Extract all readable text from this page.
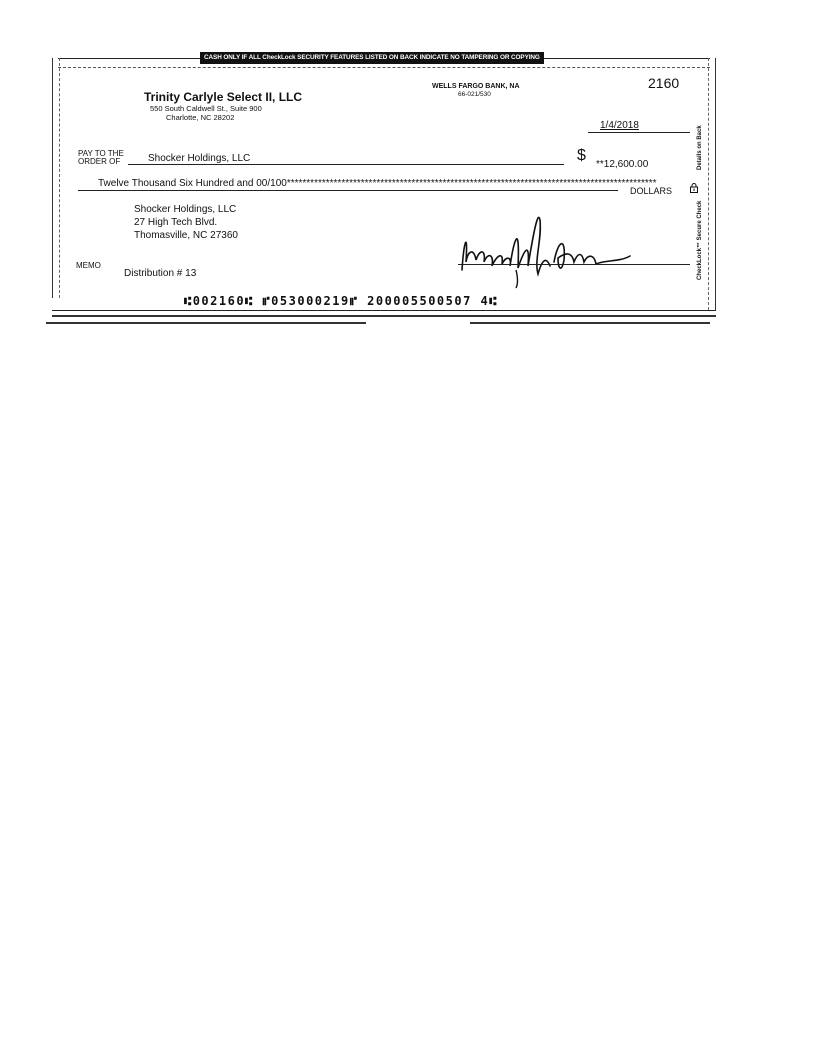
CASH ONLY IF ALL CheckLock SECURITY FEATURES LISTED ON BACK INDICATE NO TAMPERING OR COPYING
Trinity Carlyle Select II, LLC
550 South Caldwell St., Suite 900
Charlotte, NC 28202
WELLS FARGO BANK, NA
66-021/530
2160
1/4/2018
PAY TO THE
ORDER OF	Shocker Holdings, LLC	$
**12,600.00
Twelve Thousand Six Hundred and 00/100***********************************************************************************************
DOLLARS
Shocker Holdings, LLC
27 High Tech Blvd.
Thomasville, NC 27360
MEMO
Distribution # 13
⑆002160⑆ ⑈053000219⑈ 200005500507 4⑆
Details on Back
CheckLock™ Secure Check
